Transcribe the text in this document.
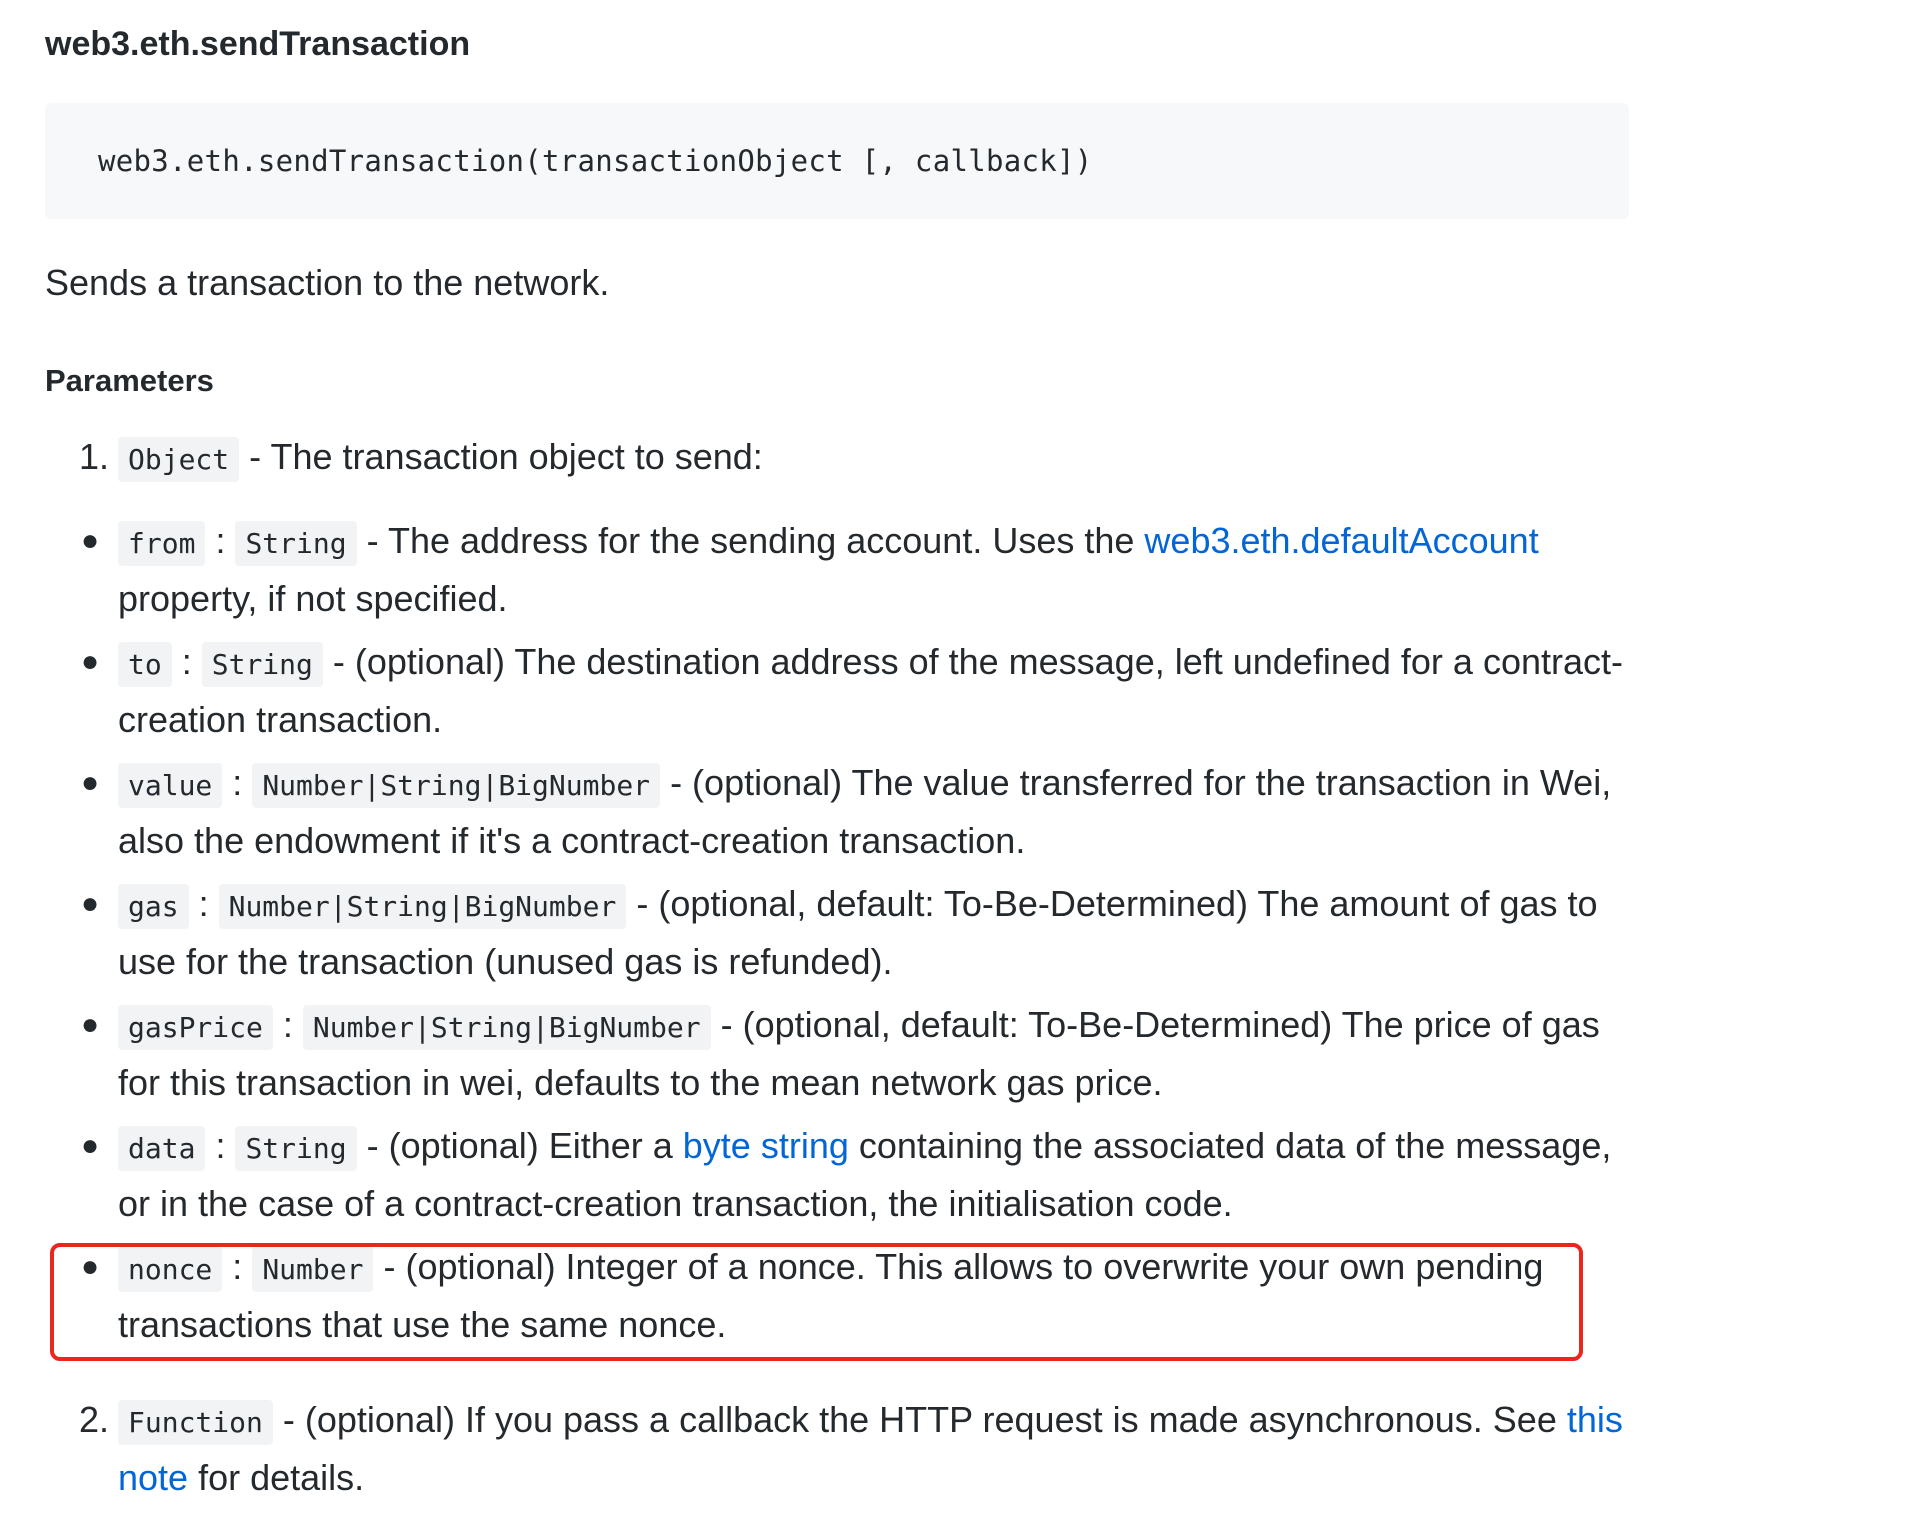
web3.eth.sendTransaction
web3.eth.sendTransaction(transactionObject [, callback])

Sends a transaction to the network.

Parameters
1. Object - The transaction object to send:
● from : String - The address for the sending account. Uses the web3.eth.defaultAccount property, if not specified.
● to : String - (optional) The destination address of the message, left undefined for a contract-creation transaction.
● value : Number|String|BigNumber - (optional) The value transferred for the transaction in Wei, also the endowment if it's a contract-creation transaction.
● gas : Number|String|BigNumber - (optional, default: To-Be-Determined) The amount of gas to use for the transaction (unused gas is refunded).
● gasPrice : Number|String|BigNumber - (optional, default: To-Be-Determined) The price of gas for this transaction in wei, defaults to the mean network gas price.
● data : String - (optional) Either a byte string containing the associated data of the message, or in the case of a contract-creation transaction, the initialisation code.
● nonce : Number - (optional) Integer of a nonce. This allows to overwrite your own pending transactions that use the same nonce.
2. Function - (optional) If you pass a callback the HTTP request is made asynchronous. See this note for details.
